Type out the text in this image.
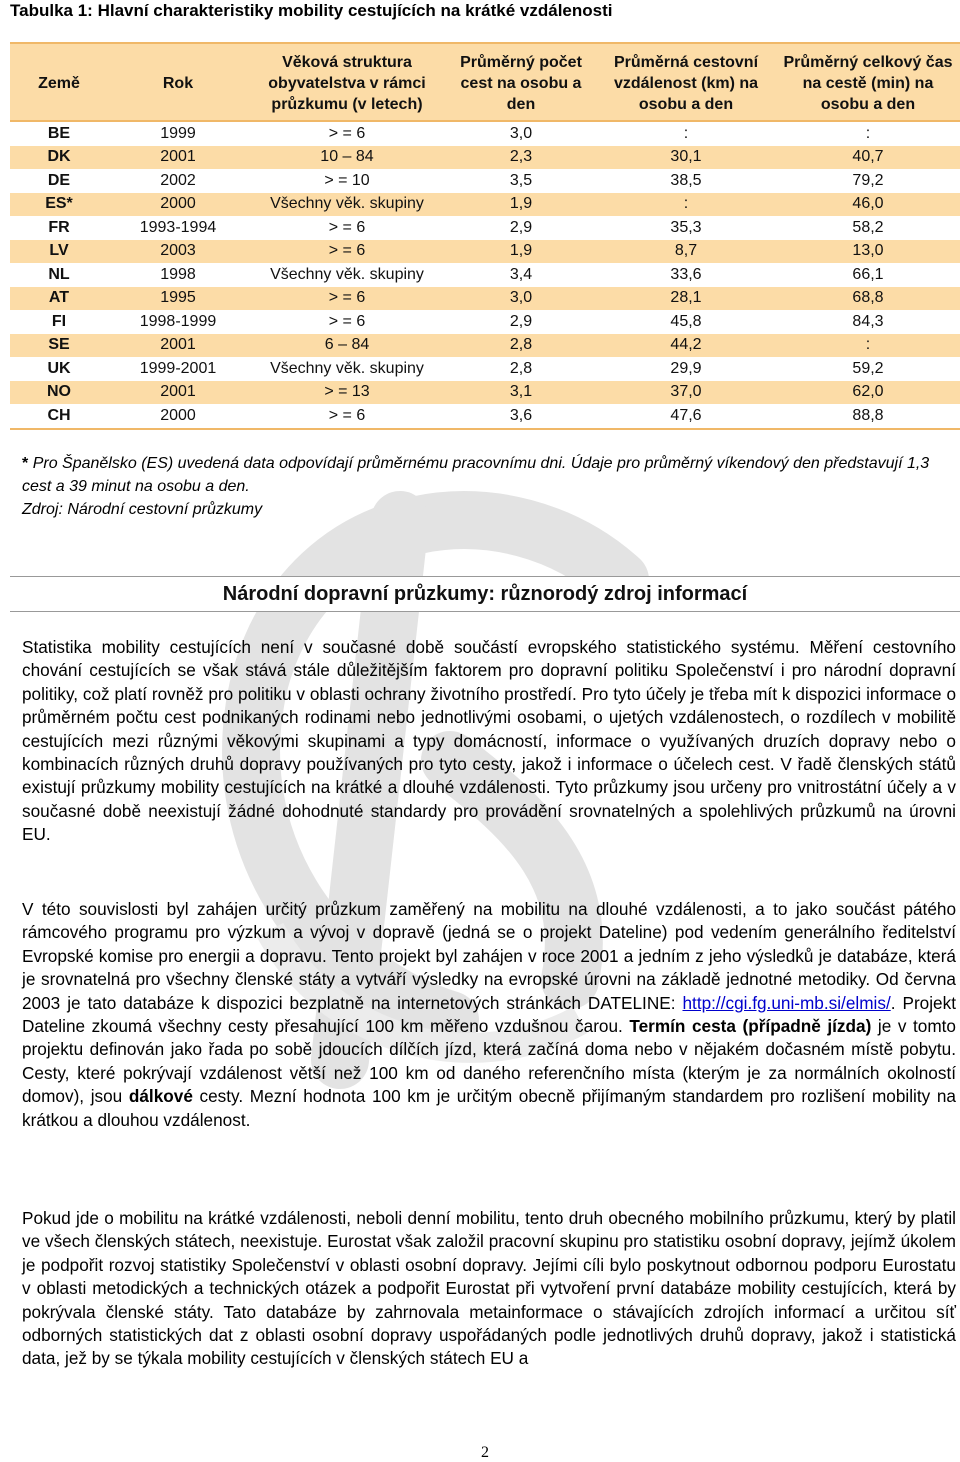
Tabulka 1: Hlavní charakteristiky mobility cestujících na krátké vzdálenosti
Země	Rok	Věková struktura obyvatelstva v rámci průzkumu (v letech)	Průměrný počet cest na osobu a den	Průměrná cestovní vzdálenost (km) na osobu a den	Průměrný celkový čas na cestě (min) na osobu a den
BE	1999	> = 6	3,0	:	:
DK	2001	10 – 84	2,3	30,1	40,7
DE	2002	> = 10	3,5	38,5	79,2
ES*	2000	Všechny věk. skupiny	1,9	:	46,0
FR	1993-1994	> = 6	2,9	35,3	58,2
LV	2003	> = 6	1,9	8,7	13,0
NL	1998	Všechny věk. skupiny	3,4	33,6	66,1
AT	1995	> = 6	3,0	28,1	68,8
FI	1998-1999	> = 6	2,9	45,8	84,3
SE	2001	6 – 84	2,8	44,2	:
UK	1999-2001	Všechny věk. skupiny	2,8	29,9	59,2
NO	2001	> = 13	3,1	37,0	62,0
CH	2000	> = 6	3,6	47,6	88,8
* Pro Španělsko (ES) uvedená data odpovídají průměrnému pracovnímu dni. Údaje pro průměrný víkendový den představují 1,3 cest a 39 minut na osobu a den.
Zdroj: Národní cestovní průzkumy
Národní dopravní průzkumy: různorodý zdroj informací
Statistika mobility cestujících není v současné době součástí evropského statistického systému. Měření cestovního chování cestujících se však stává stále důležitějším faktorem pro dopravní politiku Společenství i pro národní dopravní politiky, což platí rovněž pro politiku v oblasti ochrany životního prostředí. Pro tyto účely je třeba mít k dispozici informace o průměrném počtu cest podnikaných rodinami nebo jednotlivými osobami, o ujetých vzdálenostech, o rozdílech v mobilitě cestujících mezi různými věkovými skupinami a typy domácností, informace o využívaných druzích dopravy nebo o kombinacích různých druhů dopravy používaných pro tyto cesty, jakož i informace o účelech cest. V řadě členských států existují průzkumy mobility cestujících na krátké a dlouhé vzdálenosti. Tyto průzkumy jsou určeny pro vnitrostátní účely a v současné době neexistují žádné dohodnuté standardy pro provádění srovnatelných a spolehlivých průzkumů na úrovni EU.
V této souvislosti byl zahájen určitý průzkum zaměřený na mobilitu na dlouhé vzdálenosti, a to jako součást pátého rámcového programu pro výzkum a vývoj v dopravě (jedná se o projekt Dateline) pod vedením generálního ředitelství Evropské komise pro energii a dopravu. Tento projekt byl zahájen v roce 2001 a jedním z jeho výsledků je databáze, která je srovnatelná pro všechny členské státy a vytváří výsledky na evropské úrovni na základě jednotné metodiky. Od června 2003 je tato databáze k dispozici bezplatně na internetových stránkách DATELINE: http://cgi.fg.uni-mb.si/elmis/. Projekt Dateline zkoumá všechny cesty přesahující 100 km měřeno vzdušnou čarou. Termín cesta (případně jízda) je v tomto projektu definován jako řada po sobě jdoucích dílčích jízd, která začíná doma nebo v nějakém dočasném místě pobytu. Cesty, které pokrývají vzdálenost větší než 100 km od daného referenčního místa (kterým je za normálních okolností domov), jsou dálkové cesty. Mezní hodnota 100 km je určitým obecně přijímaným standardem pro rozlišení mobility na krátkou a dlouhou vzdálenost.
Pokud jde o mobilitu na krátké vzdálenosti, neboli denní mobilitu, tento druh obecného mobilního průzkumu, který by platil ve všech členských státech, neexistuje. Eurostat však založil pracovní skupinu pro statistiku osobní dopravy, jejímž úkolem je podpořit rozvoj statistiky Společenství v oblasti osobní dopravy. Jejími cíli bylo poskytnout odbornou podporu Eurostatu v oblasti metodických a technických otázek a podpořit Eurostat při vytvoření první databáze mobility cestujících, která by pokrývala členské státy. Tato databáze by zahrnovala metainformace o stávajících zdrojích informací a určitou síť odborných statistických dat z oblasti osobní dopravy uspořádaných podle jednotlivých druhů dopravy, jakož i statistická data, jež by se týkala mobility cestujících v členských státech EU a
2
